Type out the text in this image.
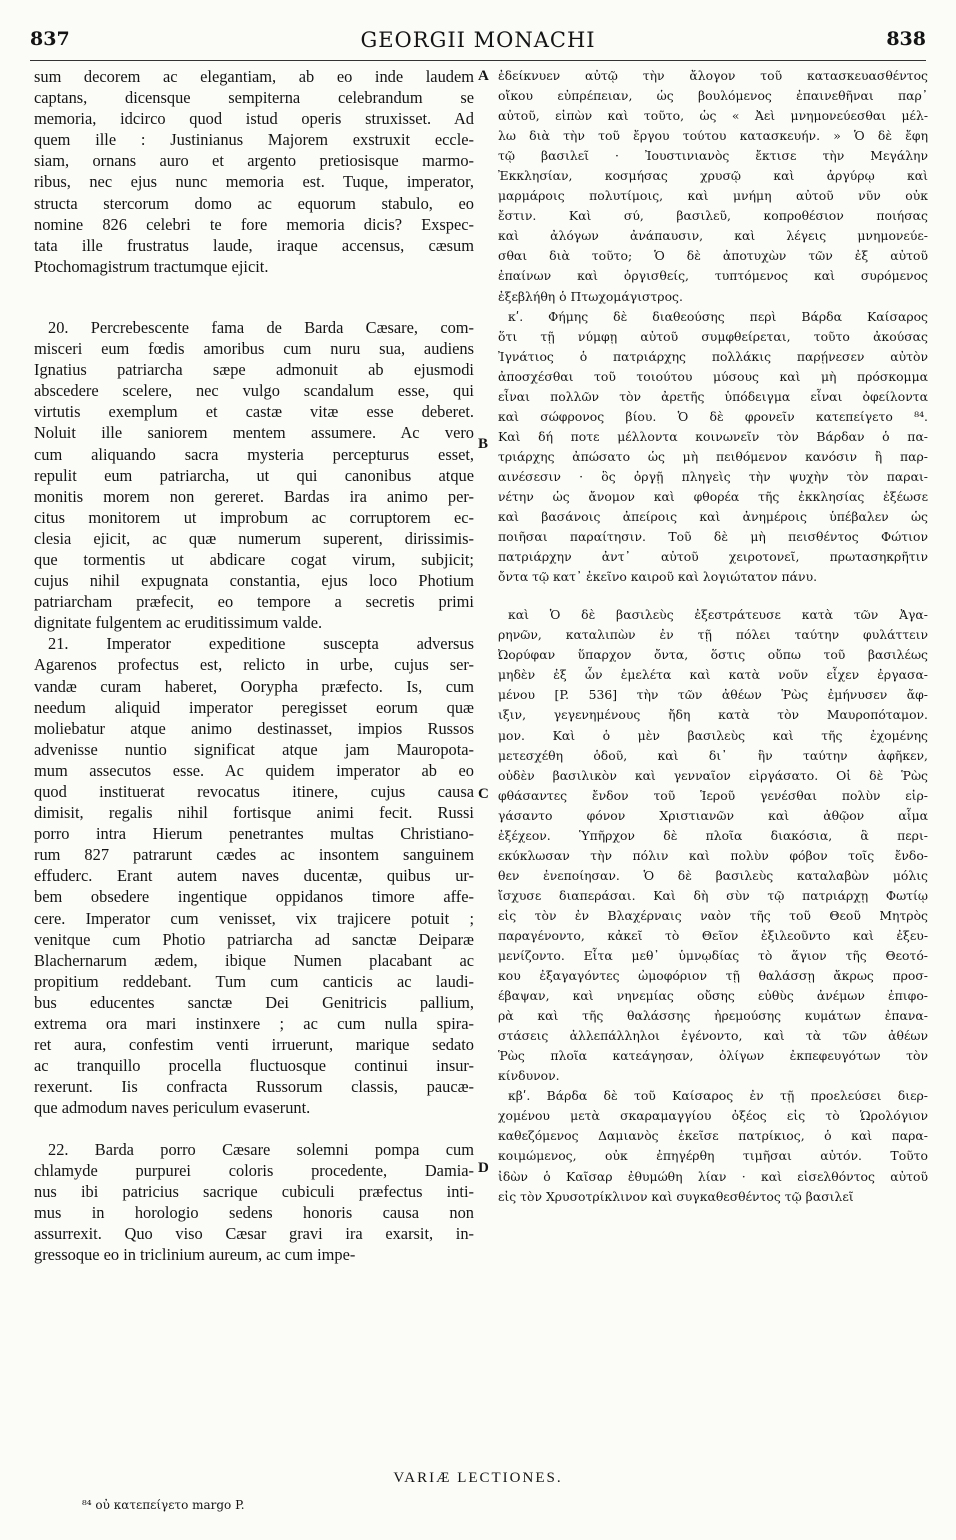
837	GEORGII MONACHI	838

sum decorem ac elegantiam, ab eo inde laudem

captans, dicensque sempiterna celebrandum se

memoria, idcirco quod istud operis struxisset. Ad

quem ille : Justinianus Majorem exstruxit eccle-

siam, ornans auro et argento pretiosisque marmo-

ribus, nec ejus nunc memoria est. Tuque, imperator,

structa stercorum domo ac equorum stabulo, eo

nomine 826 celebri te fore memoria dicis? Exspec-

tata ille frustratus laude, iraque accensus, cæsum

Ptochomagistrum tractumque ejicit.

20. Percrebescente fama de Barda Cæsare, com-

misceri eum fœdis amoribus cum nuru sua, audiens

Ignatius patriarcha sæpe admonuit ab ejusmodi

abscedere scelere, nec vulgo scandalum esse, qui

virtutis exemplum et castæ vitæ esse deberet.

Noluit ille saniorem mentem assumere. Ac vero

cum aliquando sacra mysteria percepturus esset,

repulit eum patriarcha, ut qui canonibus atque

monitis morem non gereret. Bardas ira animo per-

citus monitorem ut improbum ac corruptorem ec-

clesia ejicit, ac quæ numerum superent, dirissimis-

que tormentis ut abdicare cogat virum, subjicit;

cujus nihil expugnata constantia, ejus loco Photium

patriarcham præfecit, eo tempore a secretis primi

dignitate fulgentem ac eruditissimum valde.

21. Imperator expeditione suscepta adversus

Agarenos profectus est, relicto in urbe, cujus ser-

vandæ curam haberet, Oorypha præfecto. Is, cum

needum aliquid imperator peregisset eorum quæ

moliebatur atque animo destinasset, impios Russos

advenisse nuntio significat atque jam Mauropota-

mum assecutos esse. Ac quidem imperator ab eo

quod instituerat revocatus itinere, cujus causa

dimisit, regalis nihil fortisque animi fecit. Russi

porro intra Hierum penetrantes multas Christiano-

rum 827 patrarunt cædes ac insontem sanguinem

effuderc. Erant autem naves ducentæ, quibus ur-

bem obsedere ingentique oppidanos timore affe-

cere. Imperator cum venisset, vix trajicere potuit ;

venitque cum Photio patriarcha ad sanctæ Deiparæ

Blachernarum ædem, ibique Numen placabant ac

propitium reddebant. Tum cum canticis ac laudi-

bus educentes sanctæ Dei Genitricis pallium,

extrema ora mari instinxere ; ac cum nulla spira-

ret aura, confestim venti irruerunt, marique sedato

ac tranquillo procella fluctuosque continui insur-

rexerunt. Iis confracta Russorum classis, paucæ-

que admodum naves periculum evaserunt.

22. Barda porro Cæsare solemni pompa cum

chlamyde purpurei coloris procedente, Damia-

nus ibi patricius sacrique cubiculi præfectus inti-

mus in horologio sedens honoris causa non

assurrexit. Quo viso Cæsar gravi ira exarsit, in-

gressoque eo in triclinium aureum, ac cum impe-

ἐδείκνυεν αὐτῷ τὴν ἄλογον τοῦ κατασκευασθέντος

οἴκου εὐπρέπειαν, ὡς βουλόμενος ἐπαινεθῆναι παρ᾽

αὐτοῦ, εἰπὼν καὶ τοῦτο, ὡς « Ἀεὶ μνημονεύεσθαι μέλ-

λω διὰ τὴν τοῦ ἔργου τούτου κατασκευήν. » Ὁ δὲ ἔφη

τῷ βασιλεῖ · Ἰουστινιανὸς ἔκτισε τὴν Μεγάλην

Ἐκκλησίαν, κοσμήσας χρυσῷ καὶ ἀργύρῳ καὶ

μαρμάροις πολυτίμοις, καὶ μνήμη αὐτοῦ νῦν οὐκ

ἔστιν. Καὶ σύ, βασιλεῦ, κοπροθέσιον ποιήσας

καὶ ἀλόγων ἀνάπαυσιν, καὶ λέγεις μνημονεύε-

σθαι διὰ τοῦτο; Ὁ δὲ ἀποτυχὼν τῶν ἐξ αὐτοῦ

ἐπαίνων καὶ ὀργισθείς, τυπτόμενος καὶ συρόμενος

ἐξεβλήθη ὁ Πτωχομάγιστρος.

κʹ. Φήμης δὲ διαθεούσης περὶ Βάρδα Καίσαρος

ὅτι τῇ νύμφῃ αὐτοῦ συμφθείρεται, τοῦτο ἀκούσας

Ἰγνάτιος ὁ πατριάρχης πολλάκις παρῄνεσεν αὐτὸν

ἀποσχέσθαι τοῦ τοιούτου μύσους καὶ μὴ πρόσκομμα

εἶναι πολλῶν τὸν ἀρετῆς ὑπόδειγμα εἶναι ὀφείλοντα

καὶ σώφρονος βίου. Ὁ δὲ φρονεῖν κατεπείγετο ⁸⁴.

Καὶ δή ποτε μέλλοντα κοινωνεῖν τὸν Βάρδαν ὁ πα-

τριάρχης ἀπώσατο ὡς μὴ πειθόμενον κανόσιν ἢ παρ-

αινέσεσιν · ὃς ὀργῇ πληγεὶς τὴν ψυχὴν τὸν παραι-

νέτην ὡς ἄνομον καὶ φθορέα τῆς ἐκκλησίας ἐξέωσε

καὶ βασάνοις ἀπείροις καὶ ἀνημέροις ὑπέβαλεν ὡς

ποιῆσαι παραίτησιν. Τοῦ δὲ μὴ πεισθέντος Φώτιον

πατριάρχην ἀντ᾽ αὐτοῦ χειροτονεῖ, πρωτασηκρῆτιν

ὄντα τῷ κατ᾽ ἐκεῖνο καιροῦ καὶ λογιώτατον πάνυ.

καὶ Ὁ δὲ βασιλεὺς ἐξεστράτευσε κατὰ τῶν Ἀγα-

ρηνῶν, καταλιπὼν ἐν τῇ πόλει ταύτην φυλάττειν

Ὠορύφαν ὕπαρχον ὄντα, ὅστις οὔπω τοῦ βασιλέως

μηδὲν ἐξ ὧν ἐμελέτα καὶ κατὰ νοῦν εἶχεν ἐργασα-

μένου [P. 536] τὴν τῶν ἀθέων Ῥὼς ἐμήνυσεν ἄφ-

ιξιν, γεγενημένους ἤδη κατὰ τὸν Μαυροπόταμον.

μον. Καὶ ὁ μὲν βασιλεὺς καὶ τῆς ἐχομένης

μετεσχέθη ὁδοῦ, καὶ δι᾽ ἣν ταύτην ἀφῆκεν,

οὐδὲν βασιλικὸν καὶ γενναῖον εἰργάσατο. Οἱ δὲ Ῥὼς

φθάσαντες ἔνδον τοῦ Ἱεροῦ γενέσθαι πολὺν εἰρ-

γάσαντο φόνον Χριστιανῶν καὶ ἀθῷον αἷμα

ἐξέχεον. Ὑπῆρχον δὲ πλοῖα διακόσια, ἃ περι-

εκύκλωσαν τὴν πόλιν καὶ πολὺν φόβον τοῖς ἔνδο-

θεν ἐνεποίησαν. Ὁ δὲ βασιλεὺς καταλαβὼν μόλις

ἴσχυσε διαπεράσαι. Καὶ δὴ σὺν τῷ πατριάρχῃ Φωτίῳ

εἰς τὸν ἐν Βλαχέρναις ναὸν τῆς τοῦ Θεοῦ Μητρὸς

παραγένοντο, κἀκεῖ τὸ Θεῖον ἐξιλεοῦντο καὶ ἐξευ-

μενίζοντο. Εἶτα μεθ᾽ ὑμνῳδίας τὸ ἅγιον τῆς Θεοτό-

κου ἐξαγαγόντες ὠμοφόριον τῇ θαλάσσῃ ἄκρως προσ-

έβαψαν, καὶ νηνεμίας οὔσης εὐθὺς ἀνέμων ἐπιφο-

ρὰ καὶ τῆς θαλάσσης ἠρεμούσης κυμάτων ἐπανα-

στάσεις ἀλλεπάλληλοι ἐγένοντο, καὶ τὰ τῶν ἀθέων

Ῥὼς πλοῖα κατεάγησαν, ὀλίγων ἐκπεφευγότων τὸν

κίνδυνον.

κβʹ. Βάρδα δὲ τοῦ Καίσαρος ἐν τῇ προελεύσει διερ-

χομένου μετὰ σκαραμαγγίου ὀξέος εἰς τὸ Ὡρολόγιον

καθεζόμενος Δαμιανὸς ἐκεῖσε πατρίκιος, ὁ καὶ παρα-

κοιμώμενος, οὐκ ἐπηγέρθη τιμῆσαι αὐτόν. Τοῦτο

ἰδὼν ὁ Καῖσαρ ἐθυμώθη λίαν · καὶ εἰσελθόντος αὐτοῦ

εἰς τὸν Χρυσοτρίκλινον καὶ συγκαθεσθέντος τῷ βασιλεῖ

A
B
C
D
VARIÆ LECTIONES.
⁸⁴ οὐ κατεπείγετο margo P.
